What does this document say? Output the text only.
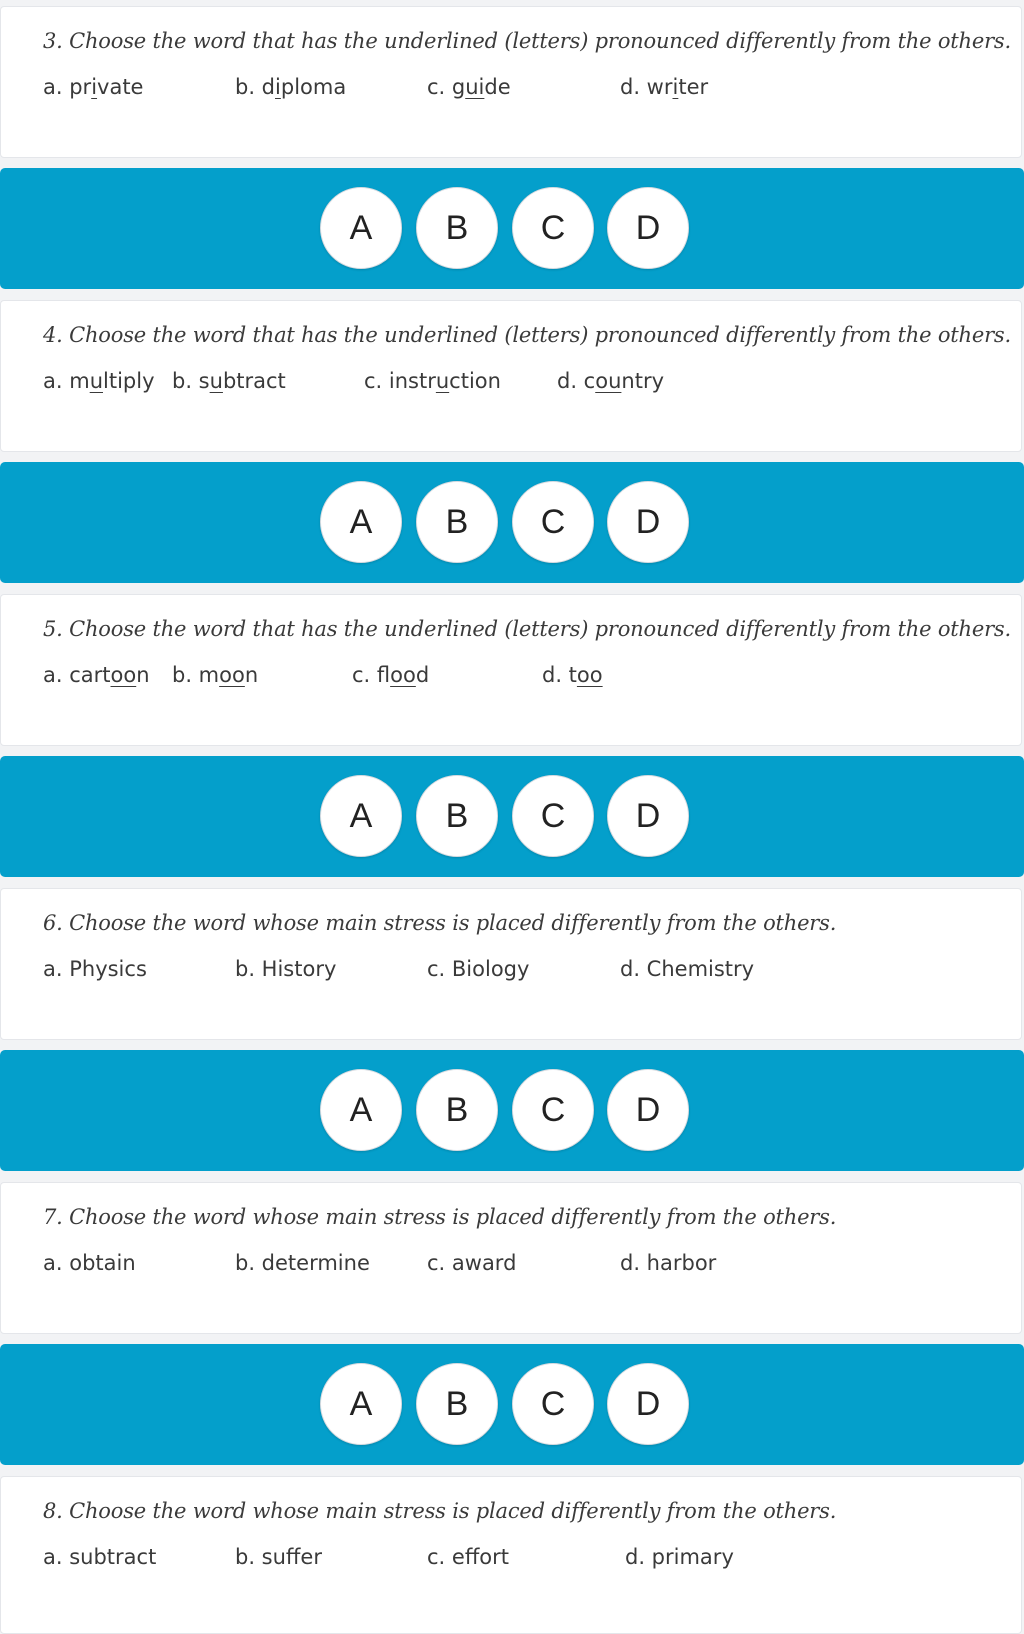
3. Choose the word that has the underlined (letters) pronounced differently from the others.
a. private	b. diploma	c. guide	d. writer
A	B	C	D
4. Choose the word that has the underlined (letters) pronounced differently from the others.
a. multiply b. subtract	c. instruction	d. country
A	B	C	D
5. Choose the word that has the underlined (letters) pronounced differently from the others.
a. cartoon b. moon	c. flood	d. too
A	B	C	D
6. Choose the word whose main stress is placed differently from the others.
a. Physics	b. History	c. Biology	d. Chemistry
A	B	C	D
7. Choose the word whose main stress is placed differently from the others.
a. obtain	b. determine	c. award	d. harbor
A	B	C	D
8. Choose the word whose main stress is placed differently from the others.
a. subtract	b. suffer	c. effort	d. primary
